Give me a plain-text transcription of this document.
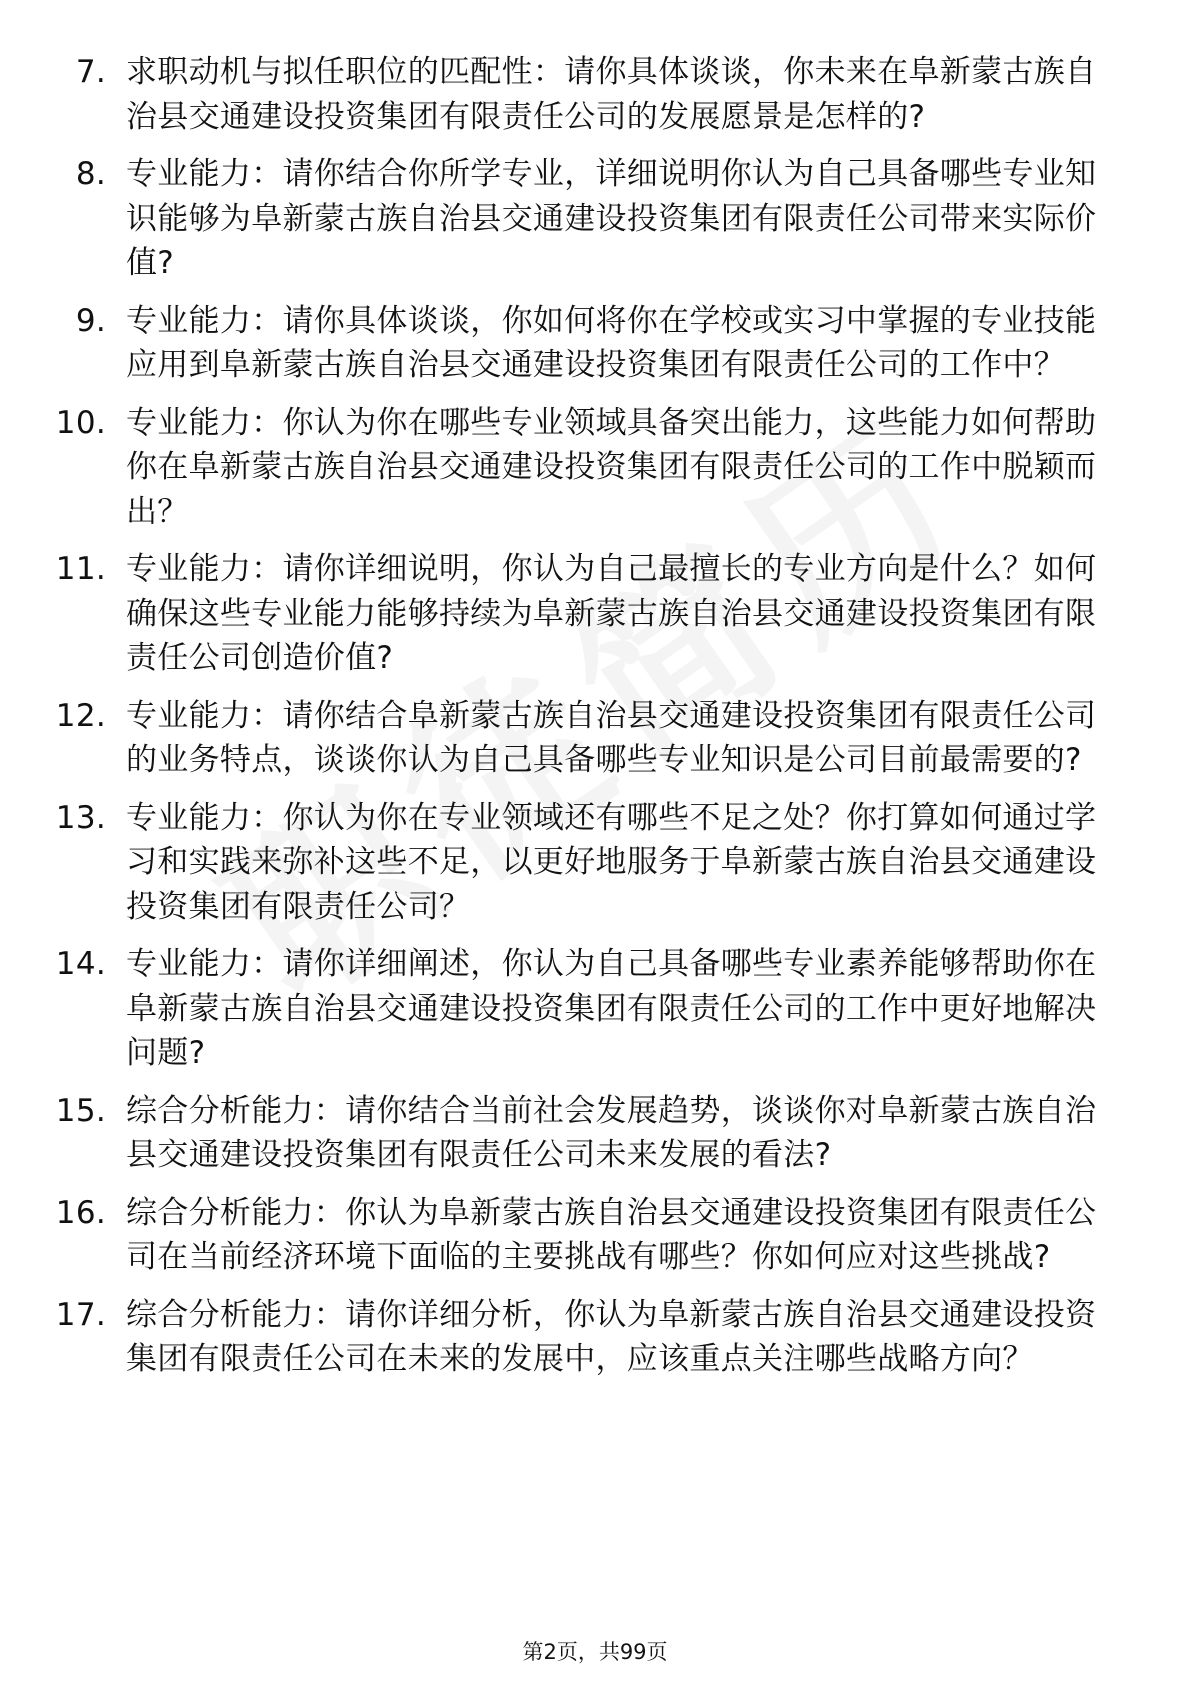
7. 求职动机与拟任职位的匹配性：请你具体谈谈，你未来在阜新蒙古族自治县交通建设投资集团有限责任公司的发展愿景是怎样的?
8. 专业能力：请你结合你所学专业，详细说明你认为自己具备哪些专业知识能够为阜新蒙古族自治县交通建设投资集团有限责任公司带来实际价值?
9. 专业能力：请你具体谈谈，你如何将你在学校或实习中掌握的专业技能应用到阜新蒙古族自治县交通建设投资集团有限责任公司的工作中？
10. 专业能力：你认为你在哪些专业领域具备突出能力，这些能力如何帮助你在阜新蒙古族自治县交通建设投资集团有限责任公司的工作中脱颖而出？
11. 专业能力：请你详细说明，你认为自己最擅长的专业方向是什么？如何确保这些专业能力能够持续为阜新蒙古族自治县交通建设投资集团有限责任公司创造价值?
12. 专业能力：请你结合阜新蒙古族自治县交通建设投资集团有限责任公司的业务特点，谈谈你认为自己具备哪些专业知识是公司目前最需要的?
13. 专业能力：你认为你在专业领域还有哪些不足之处？你打算如何通过学习和实践来弥补这些不足，以更好地服务于阜新蒙古族自治县交通建设投资集团有限责任公司？
14. 专业能力：请你详细阐述，你认为自己具备哪些专业素养能够帮助你在阜新蒙古族自治县交通建设投资集团有限责任公司的工作中更好地解决问题?
15. 综合分析能力：请你结合当前社会发展趋势，谈谈你对阜新蒙古族自治县交通建设投资集团有限责任公司未来发展的看法?
16. 综合分析能力：你认为阜新蒙古族自治县交通建设投资集团有限责任公司在当前经济环境下面临的主要挑战有哪些？你如何应对这些挑战?
17. 综合分析能力：请你详细分析，你认为阜新蒙古族自治县交通建设投资集团有限责任公司在未来的发展中，应该重点关注哪些战略方向？
第2页，共99页
